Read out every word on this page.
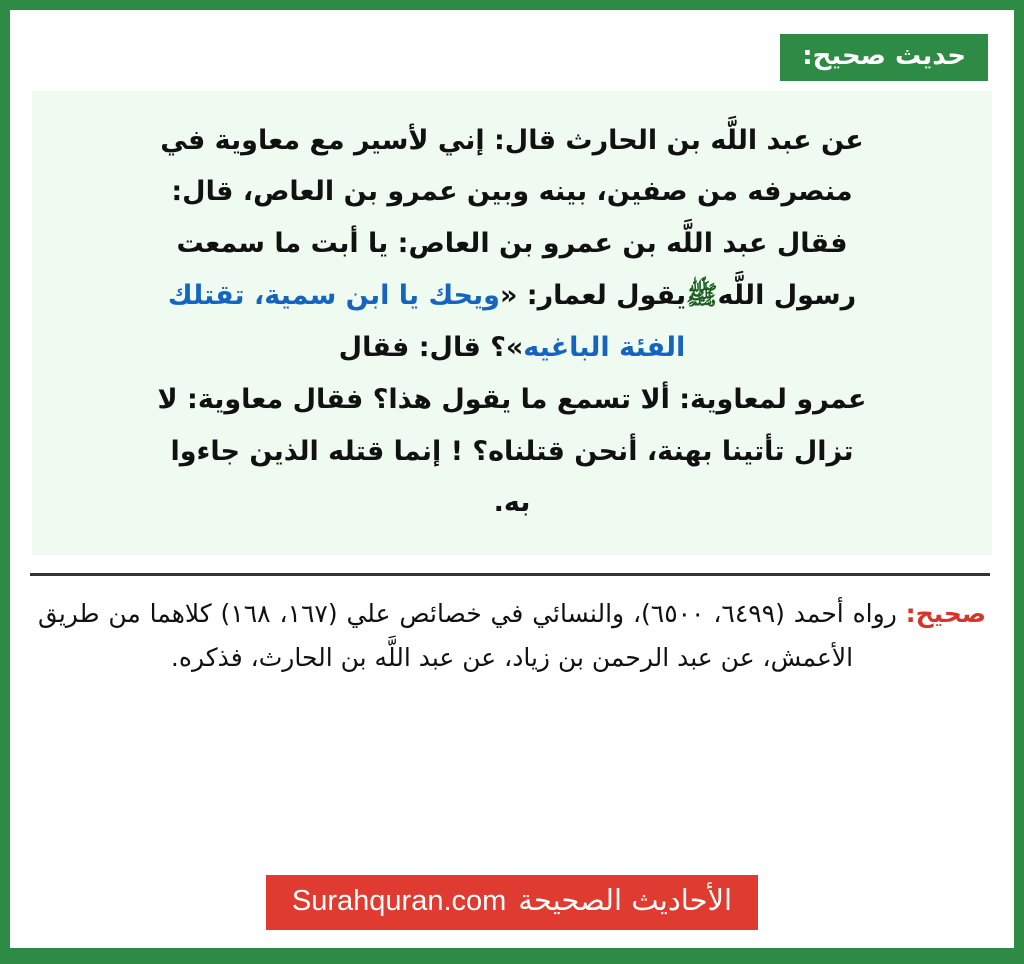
حديث صحيح:
عن عبد اللَّه بن الحارث قال: إني لأسير مع معاوية في
منصرفه من صفين، بينه وبين عمرو بن العاص، قال:
فقال عبد اللَّه بن عمرو بن العاص: يا أبت ما سمعت
رسول اللَّهﷺيقول لعمار: «ويحك يا ابن سمية، تقتلك
الفئة الباغيه»؟ قال: فقال
عمرو لمعاوية: ألا تسمع ما يقول هذا؟ فقال معاوية: لا
تزال تأتينا بهنة، أنحن قتلناه؟ ! إنما قتله الذين جاءوا
به.
صحيح: رواه أحمد (٦٤٩٩، ٦٥٠٠)، والنسائي في خصائص علي (١٦٧، ١٦٨) كلاهما من طريق الأعمش، عن عبد الرحمن بن زياد، عن عبد اللَّه بن الحارث، فذكره.
الأحاديث الصحيحة
Surahquran.com
